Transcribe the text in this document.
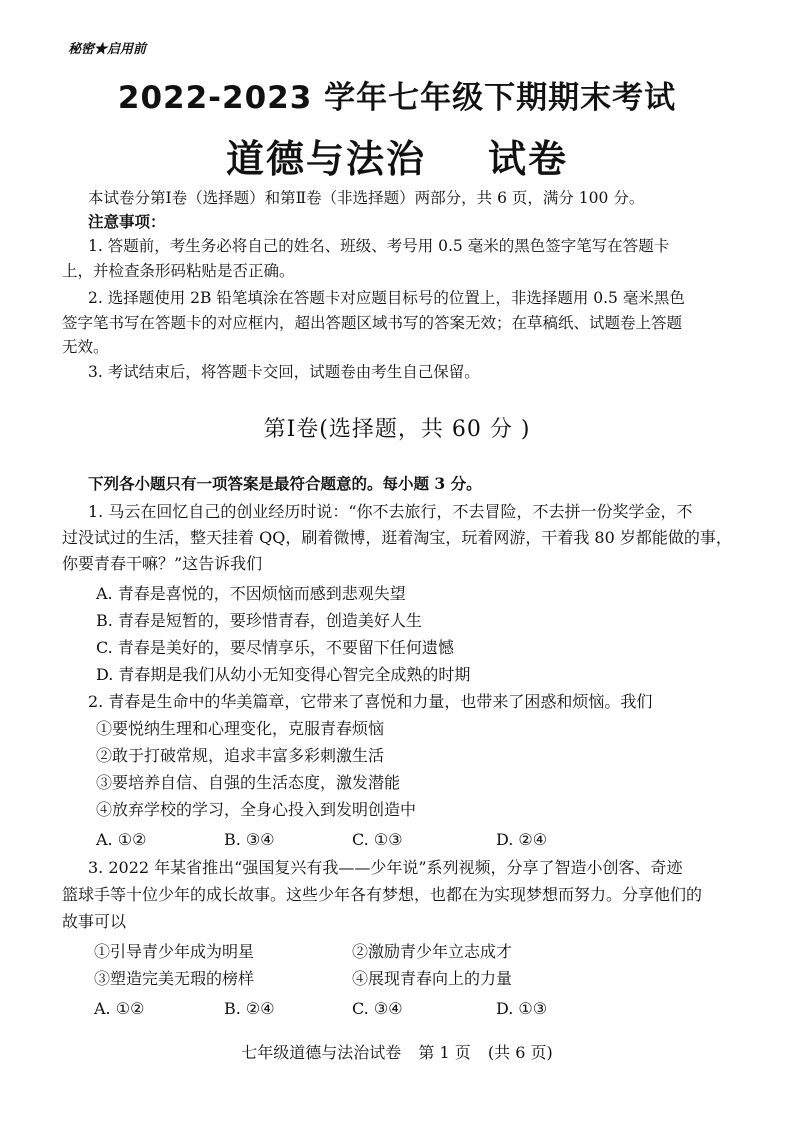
秘密★启用前
2022-2023 学年七年级下期期末考试
道德与法治 试卷
本试卷分第Ⅰ卷（选择题）和第Ⅱ卷（非选择题）两部分，共 6 页，满分 100 分。
注意事项：
1. 答题前，考生务必将自己的姓名、班级、考号用 0.5 毫米的黑色签字笔写在答题卡
上，并检查条形码粘贴是否正确。
2. 选择题使用 2B 铅笔填涂在答题卡对应题目标号的位置上，非选择题用 0.5 毫米黑色
签字笔书写在答题卡的对应框内，超出答题区域书写的答案无效；在草稿纸、试题卷上答题
无效。
3. 考试结束后，将答题卡交回，试题卷由考生自己保留。
第Ⅰ卷(选择题，共 60 分 )
下列各小题只有一项答案是最符合题意的。每小题 3 分。
1. 马云在回忆自己的创业经历时说：“你不去旅行，不去冒险，不去拼一份奖学金，不
过没试过的生活，整天挂着 QQ，刷着微博，逛着淘宝，玩着网游，干着我 80 岁都能做的事，
你要青春干嘛？”这告诉我们
A. 青春是喜悦的，不因烦恼而感到悲观失望
B. 青春是短暂的，要珍惜青春，创造美好人生
C. 青春是美好的，要尽情享乐，不要留下任何遗憾
D. 青春期是我们从幼小无知变得心智完全成熟的时期
2. 青春是生命中的华美篇章，它带来了喜悦和力量，也带来了困惑和烦恼。我们
①要悦纳生理和心理变化，克服青春烦恼
②敢于打破常规，追求丰富多彩刺激生活
③要培养自信、自强的生活态度，激发潜能
④放弃学校的学习，全身心投入到发明创造中
A. ①②	B. ③④	C. ①③	D. ②④
3. 2022 年某省推出“强国复兴有我——少年说”系列视频，分享了智造小创客、奇迹
篮球手等十位少年的成长故事。这些少年各有梦想，也都在为实现梦想而努力。分享他们的
故事可以
①引导青少年成为明星	②激励青少年立志成才
③塑造完美无瑕的榜样	④展现青春向上的力量
A. ①②	B. ②④	C. ③④	D. ①③
七年级道德与法治试卷 第 1 页 (共 6 页)
